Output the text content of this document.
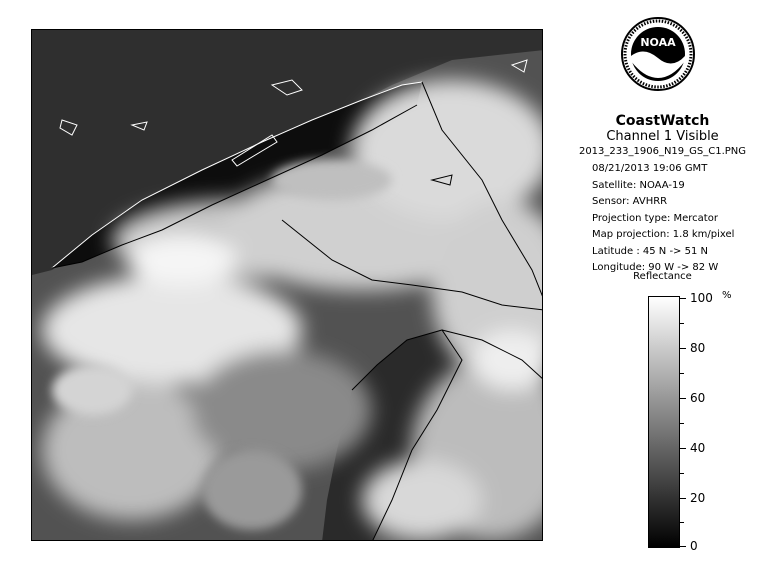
NOAA
CoastWatch
Channel 1 Visible
2013_233_1906_N19_GS_C1.PNG
08/21/2013 19:06 GMT
Satellite: NOAA-19
Sensor: AVHRR
Projection type: Mercator
Map projection: 1.8 km/pixel
Latitude : 45 N -> 51 N
Longitude: 90 W -> 82 W
Reflectance
%
100
80
60
40
20
0
